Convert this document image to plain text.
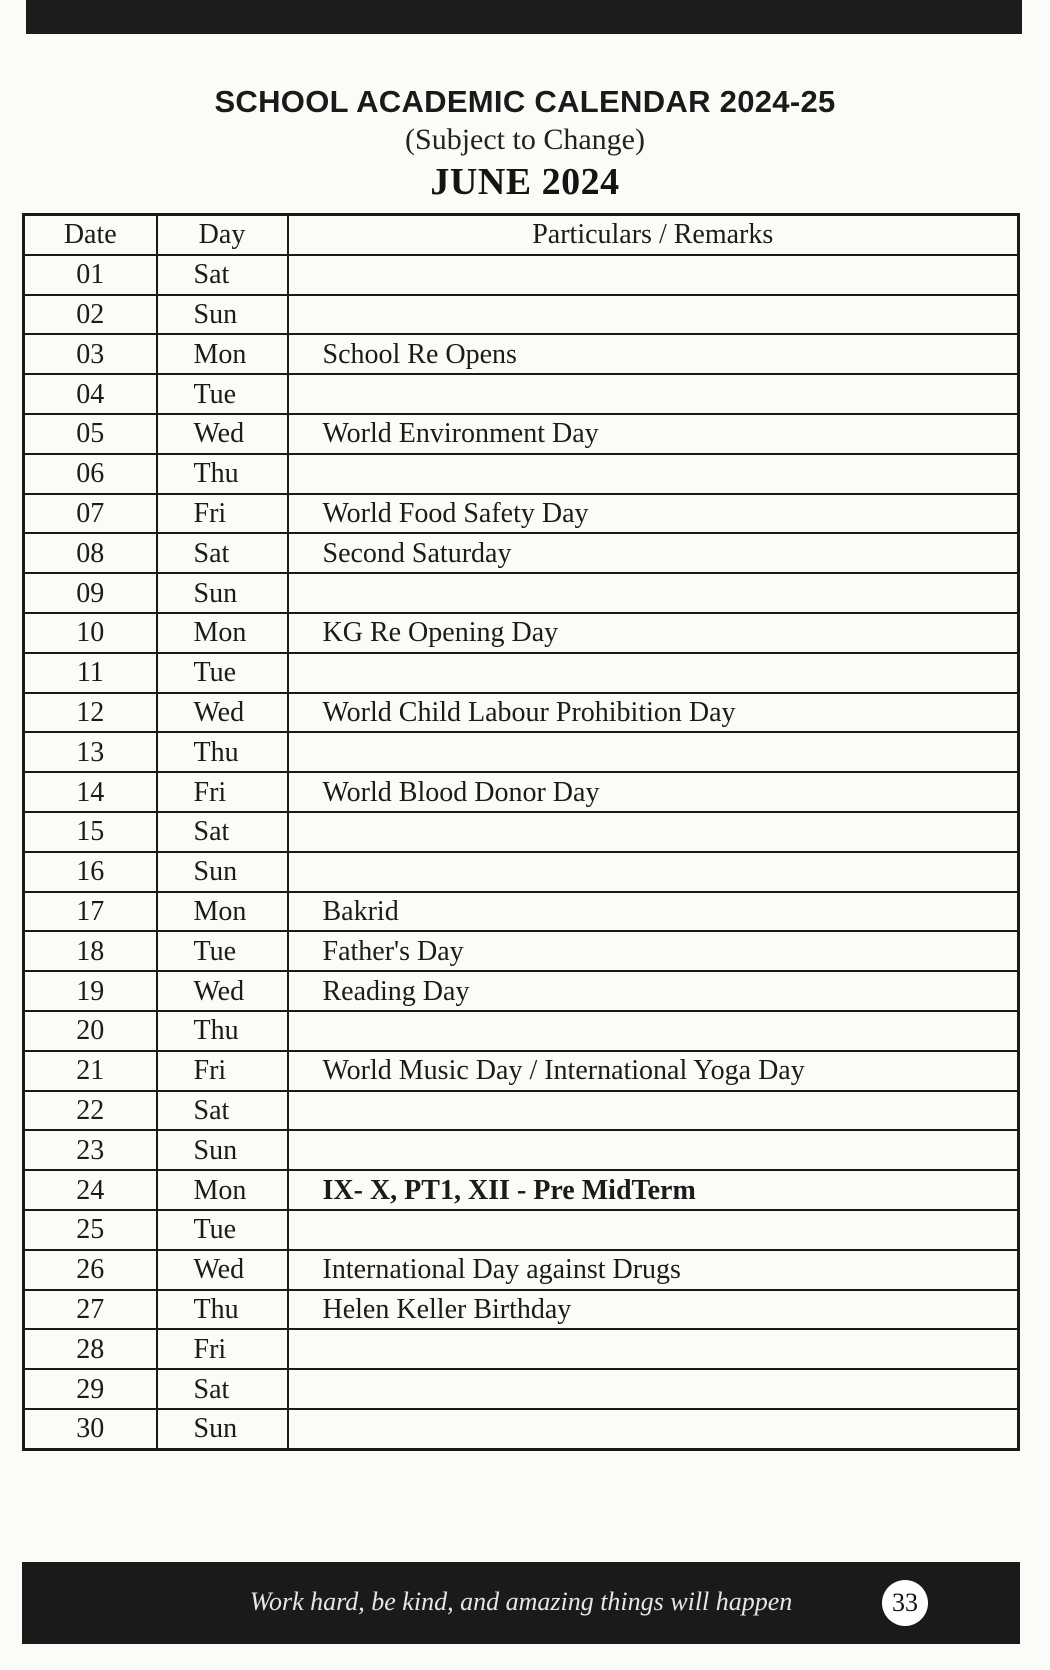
SCHOOL ACADEMIC CALENDAR 2024-25
(Subject to Change)
JUNE 2024
Date	Day	Particulars / Remarks
01	Sat	
02	Sun	
03	Mon	School Re Opens
04	Tue	
05	Wed	World Environment Day
06	Thu	
07	Fri	World Food Safety Day
08	Sat	Second Saturday
09	Sun	
10	Mon	KG Re Opening Day
11	Tue	
12	Wed	World Child Labour Prohibition Day
13	Thu	
14	Fri	World Blood Donor Day
15	Sat	
16	Sun	
17	Mon	Bakrid
18	Tue	Father's Day
19	Wed	Reading Day
20	Thu	
21	Fri	World Music Day / International Yoga Day
22	Sat	
23	Sun	
24	Mon	IX- X, PT1, XII - Pre MidTerm
25	Tue	
26	Wed	International Day against Drugs
27	Thu	Helen Keller Birthday
28	Fri	
29	Sat	
30	Sun	
Work hard, be kind, and amazing things will happen	33
